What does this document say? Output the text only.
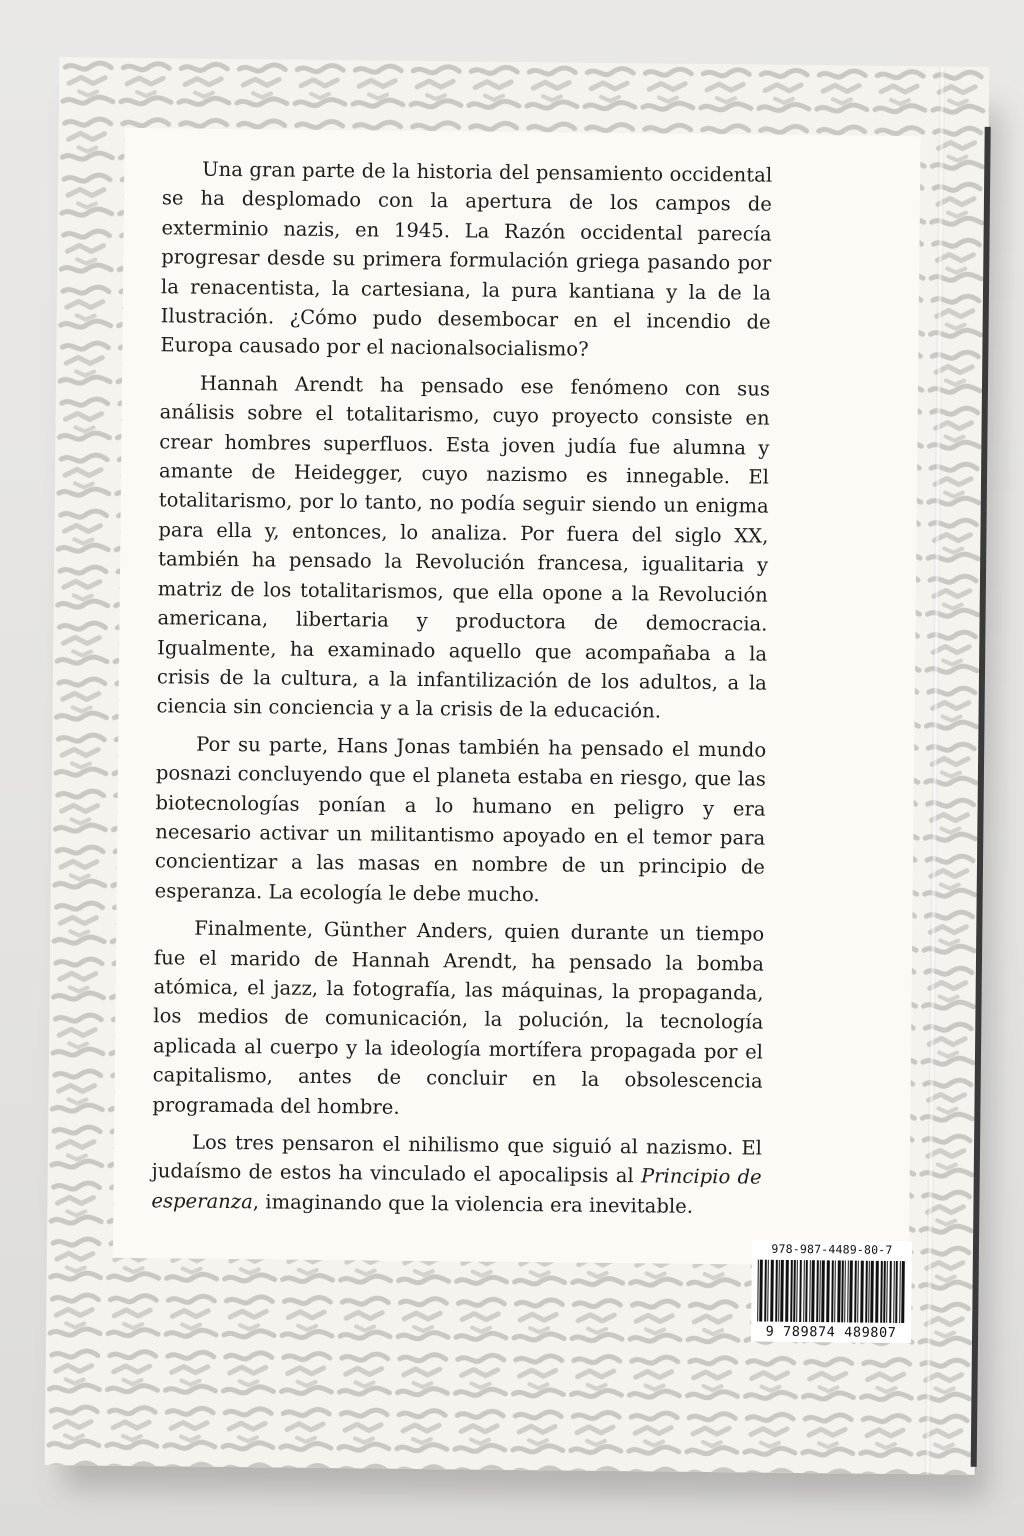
Una gran parte de la historia del pensamiento occidental se ha desplomado con la apertura de los campos de exterminio nazis, en 1945. La Razón occidental parecía progresar desde su primera formulación griega pasando por la renacentista, la cartesiana, la pura kantiana y la de la Ilustración. ¿Cómo pudo desembocar en el incendio de Europa causado por el nacionalsocialismo?

Hannah Arendt ha pensado ese fenómeno con sus análisis sobre el totalitarismo, cuyo proyecto consiste en crear hombres superfluos. Esta joven judía fue alumna y amante de Heidegger, cuyo nazismo es innegable. El totalitarismo, por lo tanto, no podía seguir siendo un enigma para ella y, entonces, lo analiza. Por fuera del siglo XX, también ha pensado la Revolución francesa, igualitaria y matriz de los totalitarismos, que ella opone a la Revolución americana, libertaria y productora de democracia. Igualmente, ha examinado aquello que acompañaba a la crisis de la cultura, a la infantilización de los adultos, a la ciencia sin conciencia y a la crisis de la educación.

Por su parte, Hans Jonas también ha pensado el mundo posnazi concluyendo que el planeta estaba en riesgo, que las biotecnologías ponían a lo humano en peligro y era necesario activar un militantismo apoyado en el temor para concientizar a las masas en nombre de un principio de esperanza. La ecología le debe mucho.

Finalmente, Günther Anders, quien durante un tiempo fue el marido de Hannah Arendt, ha pensado la bomba atómica, el jazz, la fotografía, las máquinas, la propaganda, los medios de comunicación, la polución, la tecnología aplicada al cuerpo y la ideología mortífera propagada por el capitalismo, antes de concluir en la obsolescencia programada del hombre.

Los tres pensaron el nihilismo que siguió al nazismo. El judaísmo de estos ha vinculado el apocalipsis al Principio de esperanza, imaginando que la violencia era inevitable.

978-987-4489-80-7
9 789874 489807
